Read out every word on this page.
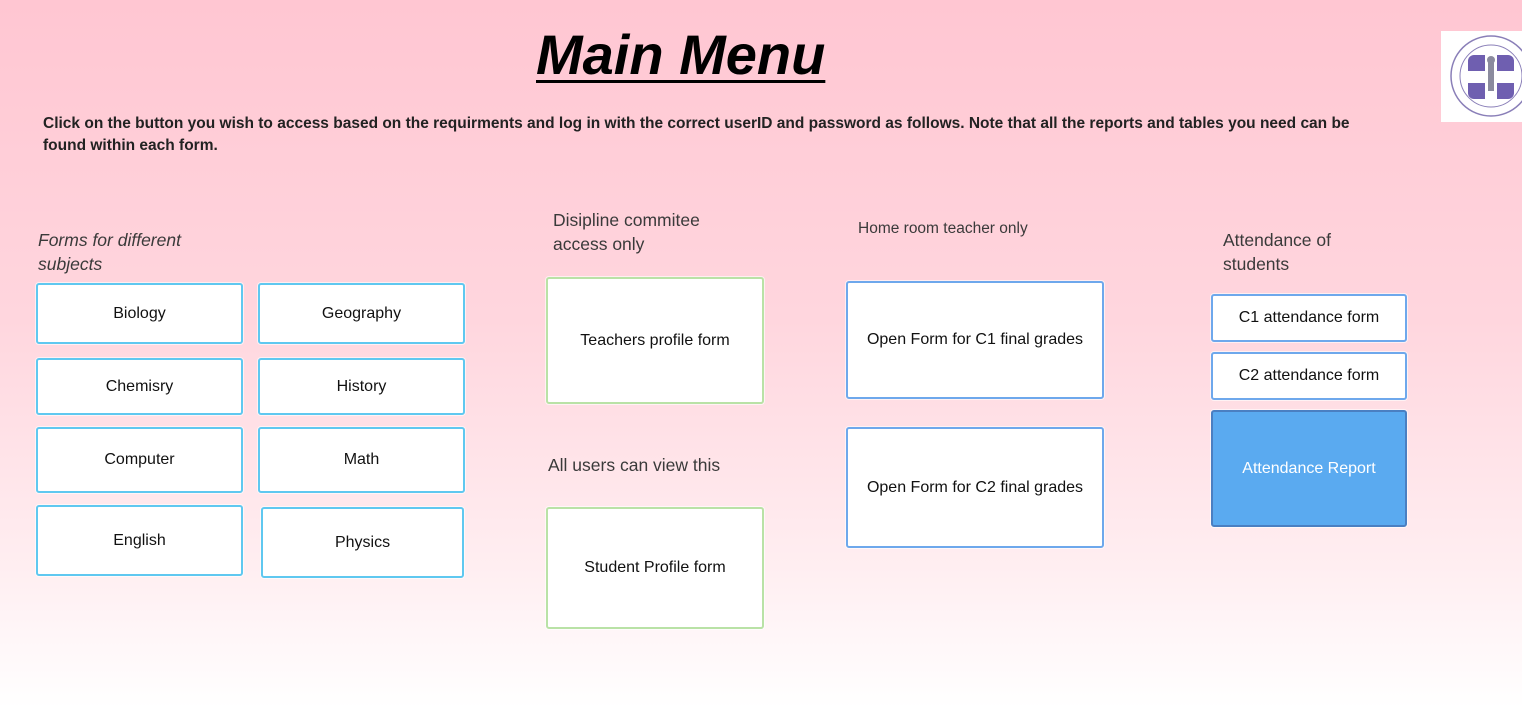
Main Menu
Click on the button you wish to access based on the requirments and log in with the correct userID and password as follows. Note that all the reports and tables you need can be found within each form.
Forms for different subjects
Biology	Geography
Chemisry	History
Computer	Math
English	Physics
Disipline commitee access only
Teachers profile form
All users can view this
Student Profile form
Home room teacher only
Open Form for C1 final grades
Open Form for C2 final grades
Attendance of students
C1 attendance form
C2 attendance form
Attendance Report
